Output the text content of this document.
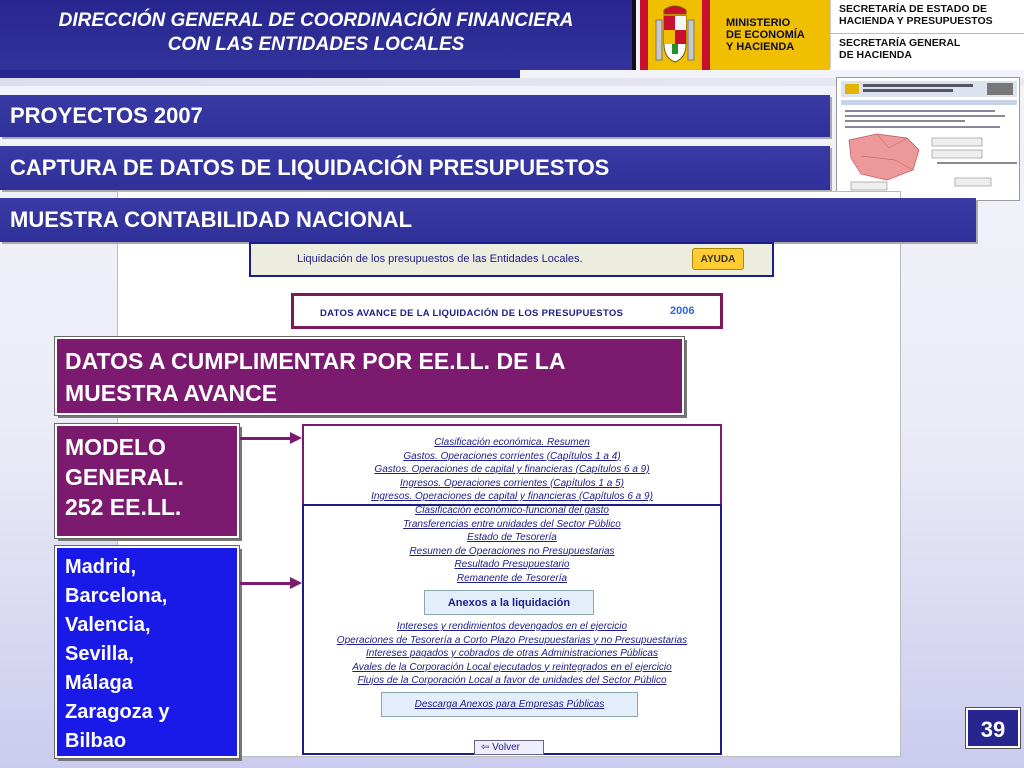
DIRECCIÓN GENERAL DE COORDINACIÓN FINANCIERA
CON LAS ENTIDADES LOCALES
MINISTERIO
DE ECONOMÍA
Y HACIENDA
SECRETARÍA DE ESTADO DE
HACIENDA Y PRESUPUESTOS
SECRETARÍA GENERAL
DE HACIENDA
PROYECTOS 2007
CAPTURA DE DATOS DE LIQUIDACIÓN PRESUPUESTOS
MUESTRA CONTABILIDAD NACIONAL
Liquidación de los presupuestos de las Entidades Locales.	AYUDA
DATOS AVANCE DE LA LIQUIDACIÓN DE LOS PRESUPUESTOS	2006
DATOS A CUMPLIMENTAR POR EE.LL. DE LA MUESTRA AVANCE
MODELO
GENERAL.
252 EE.LL.
Madrid,
Barcelona,
Valencia,
Sevilla,
Málaga
Zaragoza y
Bilbao
Clasificación económica. Resumen
Gastos. Operaciones corrientes (Capítulos 1 a 4)
Gastos. Operaciones de capital y financieras (Capítulos 6 a 9)
Ingresos. Operaciones corrientes (Capítulos 1 a 5)
Ingresos. Operaciones de capital y financieras (Capítulos 6 a 9)
Clasificación económico-funcional del gasto
Transferencias entre unidades del Sector Público
Estado de Tesorería
Resumen de Operaciones no Presupuestarias
Resultado Presupuestario
Remanente de Tesorería
Anexos a la liquidación
Intereses y rendimientos devengados en el ejercicio
Operaciones de Tesorería a Corto Plazo Presupuestarias y no Presupuestarias
Intereses pagados y cobrados de otras Administraciones Públicas
Avales de la Corporación Local ejecutados y reintegrados en el ejercicio
Flujos de la Corporación Local a favor de unidades del Sector Público
Descarga Anexos para Empresas Públicas
⇦ Volver
39
